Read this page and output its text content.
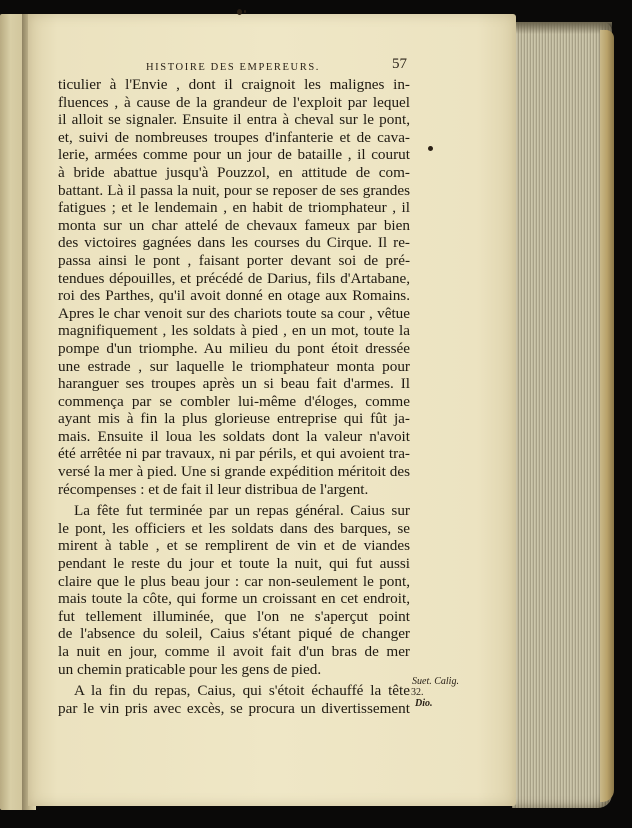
HISTOIRE DES EMPEREURS.	57
ticulier à l'Envie , dont il craignoit les malignes in-
fluences , à cause de la grandeur de l'exploit par lequel
il alloit se signaler. Ensuite il entra à cheval sur le pont,
et, suivi de nombreuses troupes d'infanterie et de cava-
lerie, armées comme pour un jour de bataille , il courut
à bride abattue jusqu'à Pouzzol, en attitude de com-
battant. Là il passa la nuit, pour se reposer de ses grandes
fatigues ; et le lendemain , en habit de triomphateur , il
monta sur un char attelé de chevaux fameux par bien
des victoires gagnées dans les courses du Cirque. Il re-
passa ainsi le pont , faisant porter devant soi de pré-
tendues dépouilles, et précédé de Darius, fils d'Artabane,
roi des Parthes, qu'il avoit donné en otage aux Romains.
Apres le char venoit sur des chariots toute sa cour , vêtue
magnifiquement , les soldats à pied , en un mot, toute la
pompe d'un triomphe. Au milieu du pont étoit dressée
une estrade , sur laquelle le triomphateur monta pour
haranguer ses troupes après un si beau fait d'armes. Il
commença par se combler lui-même d'éloges, comme
ayant mis à fin la plus glorieuse entreprise qui fût ja-
mais. Ensuite il loua les soldats dont la valeur n'avoit
été arrêtée ni par travaux, ni par périls, et qui avoient tra-
versé la mer à pied. Une si grande expédition méritoit des
récompenses : et de fait il leur distribua de l'argent.
La fête fut terminée par un repas général. Caius sur
le pont, les officiers et les soldats dans des barques, se
mirent à table , et se remplirent de vin et de viandes
pendant le reste du jour et toute la nuit, qui fut aussi
claire que le plus beau jour : car non-seulement le pont,
mais toute la côte, qui forme un croissant en cet endroit,
fut tellement illuminée, que l'on ne s'aperçut point
de l'absence du soleil, Caius s'étant piqué de changer
la nuit en jour, comme il avoit fait d'un bras de mer
un chemin praticable pour les gens de pied.
A la fin du repas, Caius, qui s'étoit échauffé la tête
par le vin pris avec excès, se procura un divertissement
Suet. Calig.
32.
Dio.
